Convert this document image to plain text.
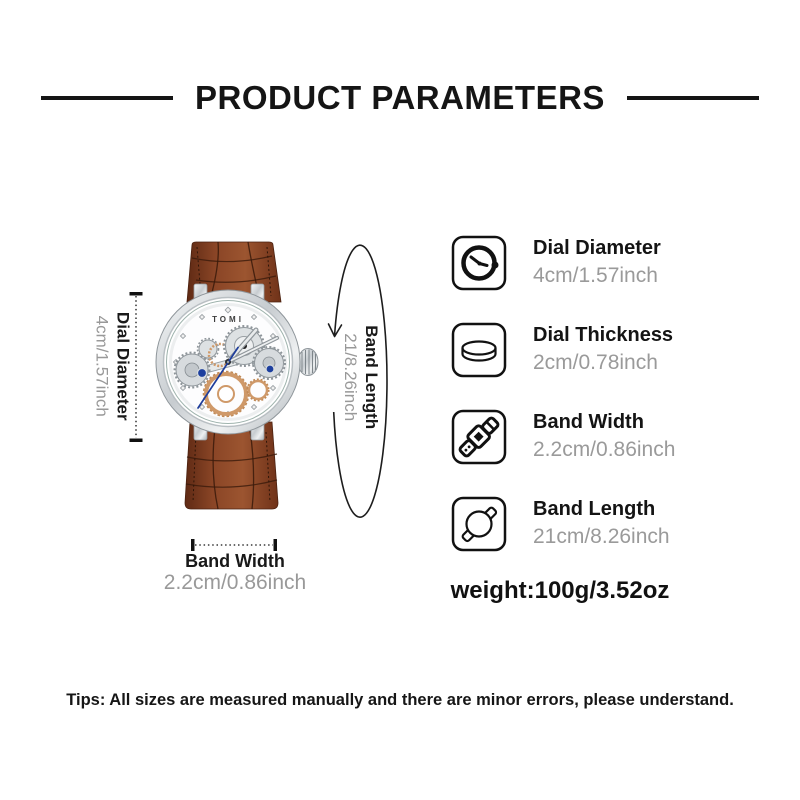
PRODUCT PARAMETERS
Dial Diameter
4cm/1.57inch	TOMI
Band Length
21/8.26inch
Band Width
2.2cm/0.86inch
Dial Diameter
4cm/1.57inch
Dial Thickness
2cm/0.78inch
Band Width
2.2cm/0.86inch
Band Length
21cm/8.26inch
weight:100g/3.52oz
Tips: All sizes are measured manually and there are minor errors, please understand.
